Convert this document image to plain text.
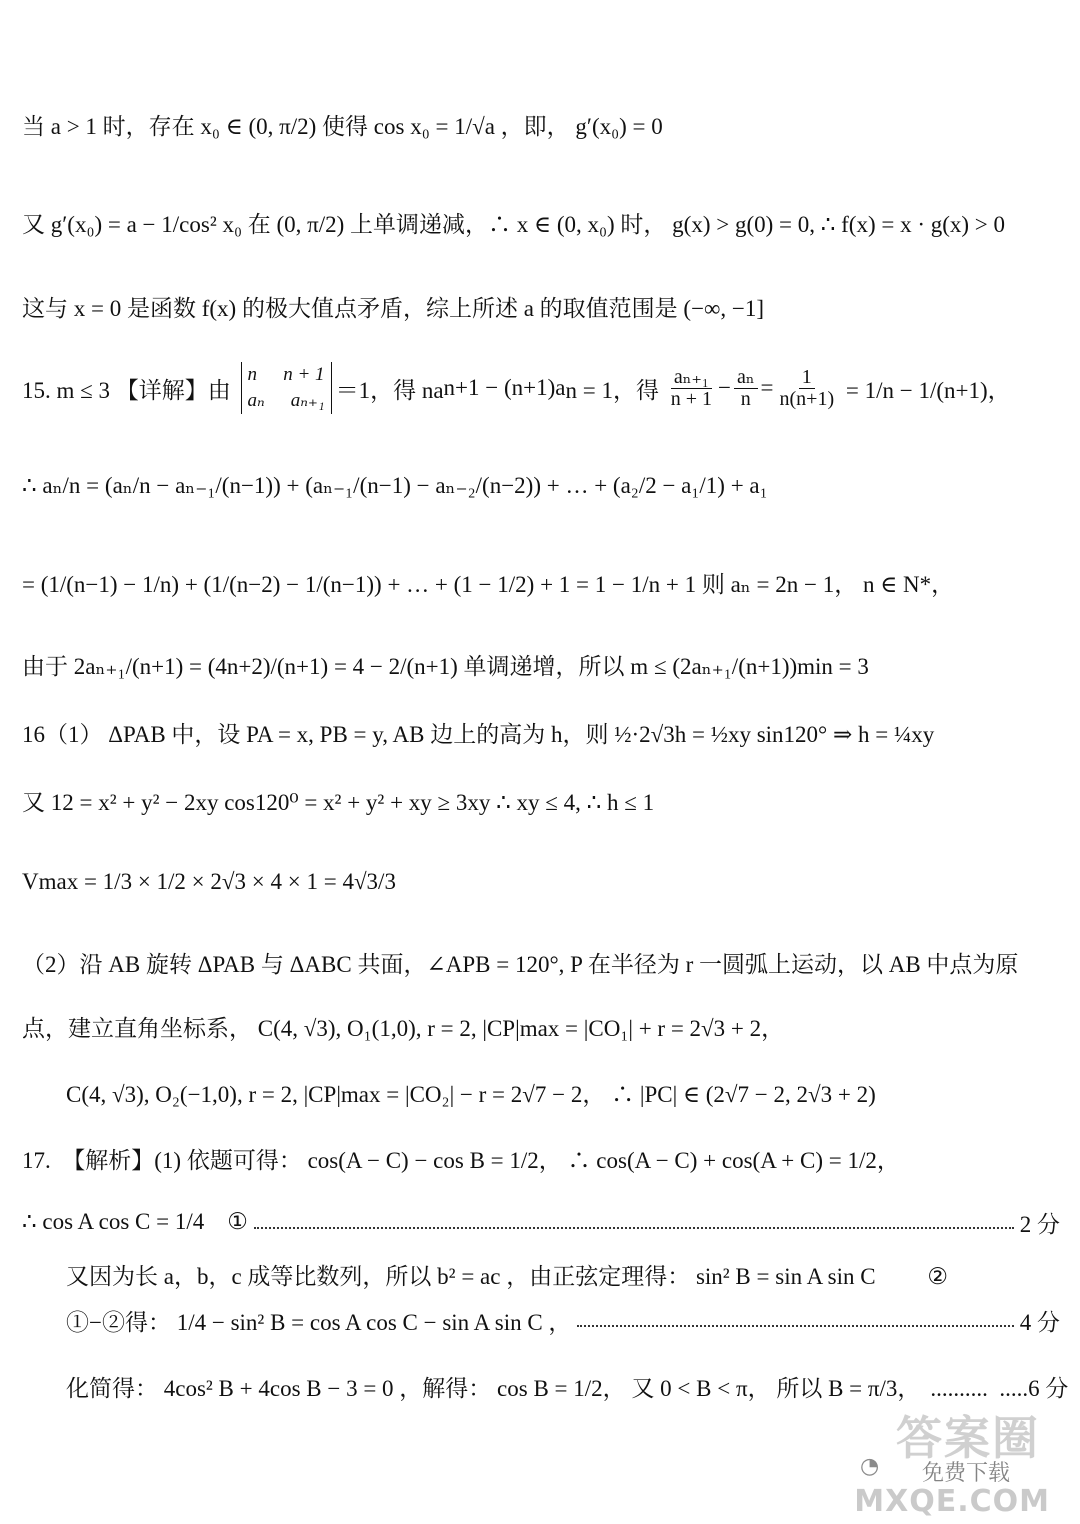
当 a > 1 时，存在 x₀ ∈ (0, π/2) 使得 cos x₀ = 1/√a ，即， g′(x₀) = 0
又 g′(x₀) = a − 1/cos² x₀ 在 (0, π/2) 上单调递减，∴ x ∈ (0, x₀) 时， g(x) > g(0) = 0, ∴ f(x) = x · g(x) > 0
这与 x = 0 是函数 f(x) 的极大值点矛盾，综上所述 a 的取值范围是 (−∞, −1]
15. m ≤ 3 【详解】由
n n + 1
aₙ aₙ₊₁ ＝1，得 na n+1 − (n+1)a n = 1，得 $\frac{\text{aₙ₊₁}}{n + 1} - \frac{\text{aₙ}}{n} = \frac{1}{n(n+1)} = 1/n - 1/(n+1)$，
∴ aₙ/n = (aₙ/n − aₙ₋₁/(n−1)) + (aₙ₋₁/(n−1) − aₙ₋₂/(n−2)) + … + (a₂/2 − a₁/1) + a₁
= (1/(n−1) − 1/n) + (1/(n−2) − 1/(n−1)) + … + (1 − 1/2) + 1 = 1 − 1/n + 1 则 aₙ = 2n − 1， n ∈ N*，
由于 2aₙ₊₁/(n+1) = (4n+2)/(n+1) = 4 − 2/(n+1) 单调递增，所以 m ≤ (2aₙ₊₁/(n+1))min = 3
16（1） ΔPAB 中，设 PA = x, PB = y, AB 边上的高为 h，则 ½·2√3h = ½xy sin120° ⇒ h = ¼xy
又 12 = x² + y² − 2xy cos120⁰ = x² + y² + xy ≥ 3xy ∴ xy ≤ 4, ∴ h ≤ 1
Vmax = 1/3 × 1/2 × 2√3 × 4 × 1 = 4√3/3
（2）沿 AB 旋转 ΔPAB 与 ΔABC 共面，∠APB = 120°, P 在半径为 r 一圆弧上运动，以 AB 中点为原
点，建立直角坐标系， C(4, √3), O₁(1,0), r = 2, |CP|max = |CO₁| + r = 2√3 + 2，
C(4, √3), O₂(−1,0), r = 2, |CP|max = |CO₂| − r = 2√7 − 2， ∴ |PC| ∈ (2√7 − 2, 2√3 + 2)
17.  【解析】(1) 依题可得： cos(A − C) − cos B = 1/2， ∴ cos(A − C) + cos(A + C) = 1/2，
∴ cos A cos C = 1/4    ①	2 分
又因为长 a，b，c 成等比数列，所以 b² = ac ，由正弦定理得： sin² B = sin A sin C         ②
①−②得： 1/4 − sin² B = cos A cos C − sin A sin C ，	4 分
化简得： 4cos² B + 4cos B − 3 = 0 ，解得： cos B = 1/2， 又 0 < B < π， 所以 B = π/3， ..........  .....6 分
答案圈
◔ 免费下载
MXQE.COM
